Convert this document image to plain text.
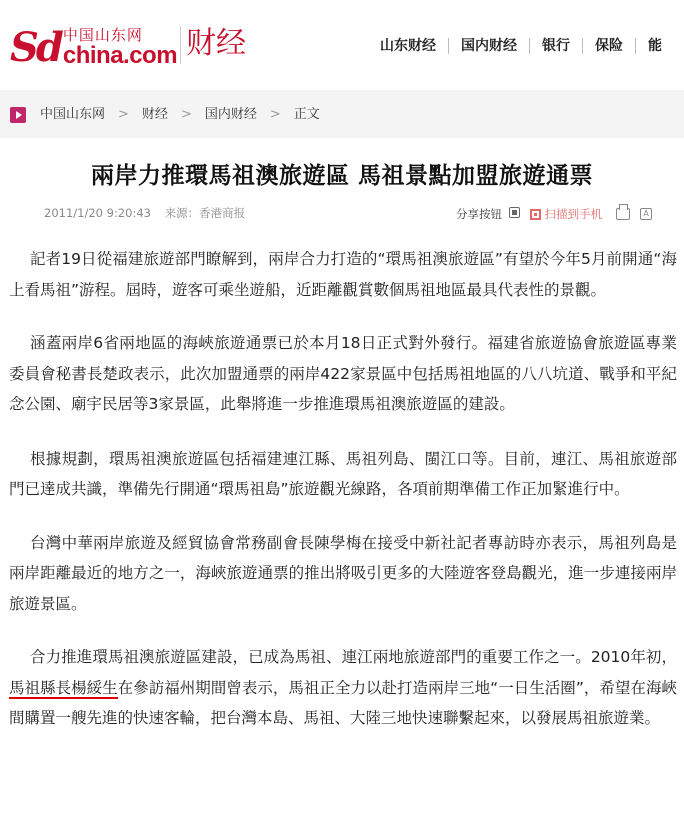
Sd 中国山东网
china.com 财经	山东财经	国内财经	银行	保险	能
中国山东网 > 财经 > 国内财经 > 正文
兩岸力推環馬祖澳旅遊區 馬祖景點加盟旅遊通票
2011/1/20 9:20:43 来源：香港商报	分享按钮	扫描到手机	A

記者19日從福建旅遊部門瞭解到，兩岸合力打造的“環馬祖澳旅遊區”有望於今年5月前開通“海上看馬祖”游程。屆時，遊客可乘坐遊船，近距離觀賞數個馬祖地區最具代表性的景觀。

涵蓋兩岸6省兩地區的海峽旅遊通票已於本月18日正式對外發行。福建省旅遊協會旅遊區專業委員會秘書長楚政表示，此次加盟通票的兩岸422家景區中包括馬祖地區的八八坑道、戰爭和平紀念公園、廟宇民居等3家景區，此舉將進一步推進環馬祖澳旅遊區的建設。

根據規劃，環馬祖澳旅遊區包括福建連江縣、馬祖列島、閩江口等。目前，連江、馬祖旅遊部門已達成共識，準備先行開通“環馬祖島”旅遊觀光線路，各項前期準備工作正加緊進行中。

台灣中華兩岸旅遊及經貿協會常務副會長陳學梅在接受中新社記者專訪時亦表示，馬祖列島是兩岸距離最近的地方之一，海峽旅遊通票的推出將吸引更多的大陸遊客登島觀光，進一步連接兩岸旅遊景區。

合力推進環馬祖澳旅遊區建設，已成為馬祖、連江兩地旅遊部門的重要工作之一。2010年初，馬祖縣長楊綏生在參訪福州期間曾表示，馬祖正全力以赴打造兩岸三地“一日生活圈”，希望在海峽間購置一艘先進的快速客輪，把台灣本島、馬祖、大陸三地快速聯繫起來，以發展馬祖旅遊業。
